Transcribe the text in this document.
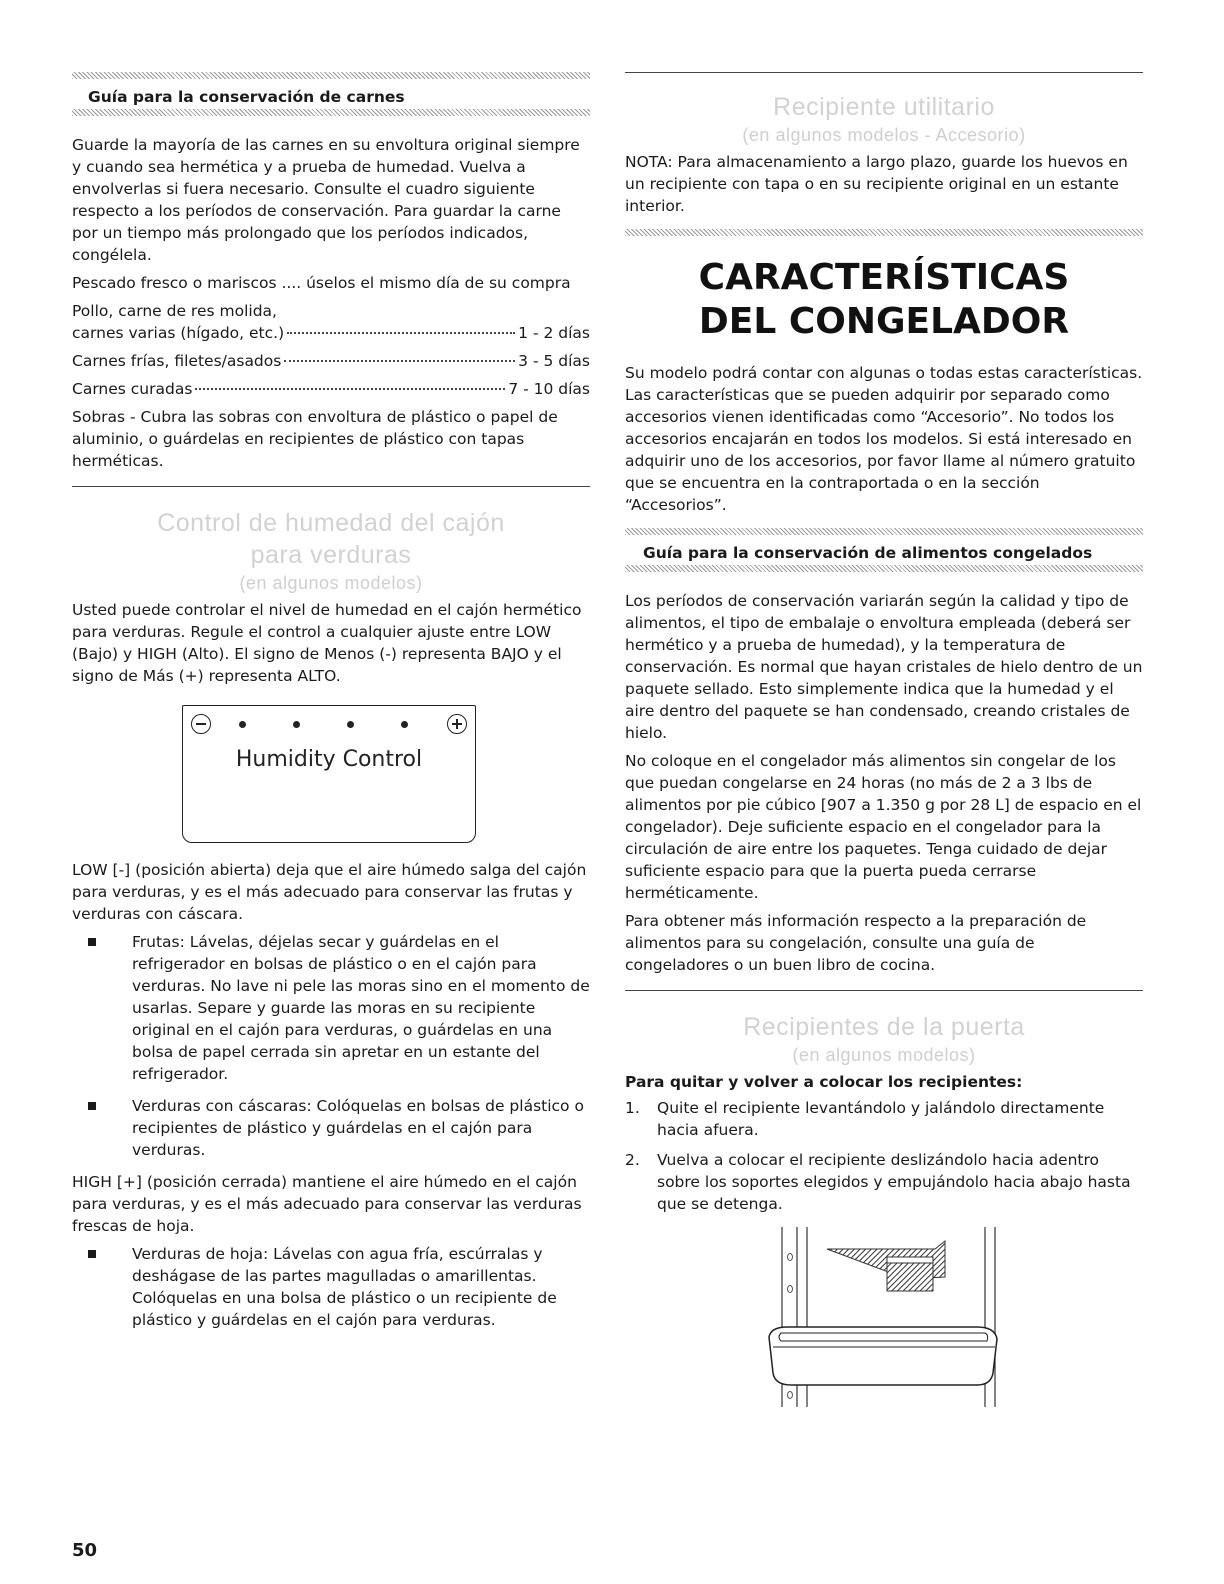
Guía para la conservación de carnes

Guarde la mayoría de las carnes en su envoltura original siempre y cuando sea hermética y a prueba de humedad. Vuelva a envolverlas si fuera necesario. Consulte el cuadro siguiente respecto a los períodos de conservación. Para guardar la carne por un tiempo más prolongado que los períodos indicados, congélela.

Pescado fresco o mariscos .... úselos el mismo día de su compra

Pollo, carne de res molida,

carnes varias (hígado, etc.)	1 - 2 días
Carnes frías, filetes/asados	3 - 5 días
Carnes curadas	7 - 10 días

Sobras - Cubra las sobras con envoltura de plástico o papel de aluminio, o guárdelas en recipientes de plástico con tapas herméticas.

Control de humedad del cajón
para verduras
(en algunos modelos)

Usted puede controlar el nivel de humedad en el cajón hermético para verduras. Regule el control a cualquier ajuste entre LOW (Bajo) y HIGH (Alto). El signo de Menos (-) representa BAJO y el signo de Más (+) representa ALTO.

Humidity Control

LOW [-] (posición abierta) deja que el aire húmedo salga del cajón para verduras, y es el más adecuado para conservar las frutas y verduras con cáscara.

Frutas: Lávelas, déjelas secar y guárdelas en el refrigerador en bolsas de plástico o en el cajón para verduras. No lave ni pele las moras sino en el momento de usarlas. Separe y guarde las moras en su recipiente original en el cajón para verduras, o guárdelas en una bolsa de papel cerrada sin apretar en un estante del refrigerador.
Verduras con cáscaras: Colóquelas en bolsas de plástico o recipientes de plástico y guárdelas en el cajón para verduras.

HIGH [+] (posición cerrada) mantiene el aire húmedo en el cajón para verduras, y es el más adecuado para conservar las verduras frescas de hoja.

Verduras de hoja: Lávelas con agua fría, escúrralas y deshágase de las partes magulladas o amarillentas. Colóquelas en una bolsa de plástico o un recipiente de plástico y guárdelas en el cajón para verduras.
Recipiente utilitario
(en algunos modelos - Accesorio)

NOTA: Para almacenamiento a largo plazo, guarde los huevos en un recipiente con tapa o en su recipiente original en un estante interior.

CARACTERÍSTICAS
DEL CONGELADOR

Su modelo podrá contar con algunas o todas estas características. Las características que se pueden adquirir por separado como accesorios vienen identificadas como “Accesorio”. No todos los accesorios encajarán en todos los modelos. Si está interesado en adquirir uno de los accesorios, por favor llame al número gratuito que se encuentra en la contraportada o en la sección “Accesorios”.

Guía para la conservación de alimentos congelados

Los períodos de conservación variarán según la calidad y tipo de alimentos, el tipo de embalaje o envoltura empleada (deberá ser hermético y a prueba de humedad), y la temperatura de conservación. Es normal que hayan cristales de hielo dentro de un paquete sellado. Esto simplemente indica que la humedad y el aire dentro del paquete se han condensado, creando cristales de hielo.

No coloque en el congelador más alimentos sin congelar de los que puedan congelarse en 24 horas (no más de 2 a 3 lbs de alimentos por pie cúbico [907 a 1.350 g por 28 L] de espacio en el congelador). Deje suficiente espacio en el congelador para la circulación de aire entre los paquetes. Tenga cuidado de dejar suficiente espacio para que la puerta pueda cerrarse herméticamente.

Para obtener más información respecto a la preparación de alimentos para su congelación, consulte una guía de congeladores o un buen libro de cocina.

Recipientes de la puerta
(en algunos modelos)

Para quitar y volver a colocar los recipientes:

1. Quite el recipiente levantándolo y jalándolo directamente hacia afuera.
2. Vuelva a colocar el recipiente deslizándolo hacia adentro sobre los soportes elegidos y empujándolo hacia abajo hasta que se detenga.
50
